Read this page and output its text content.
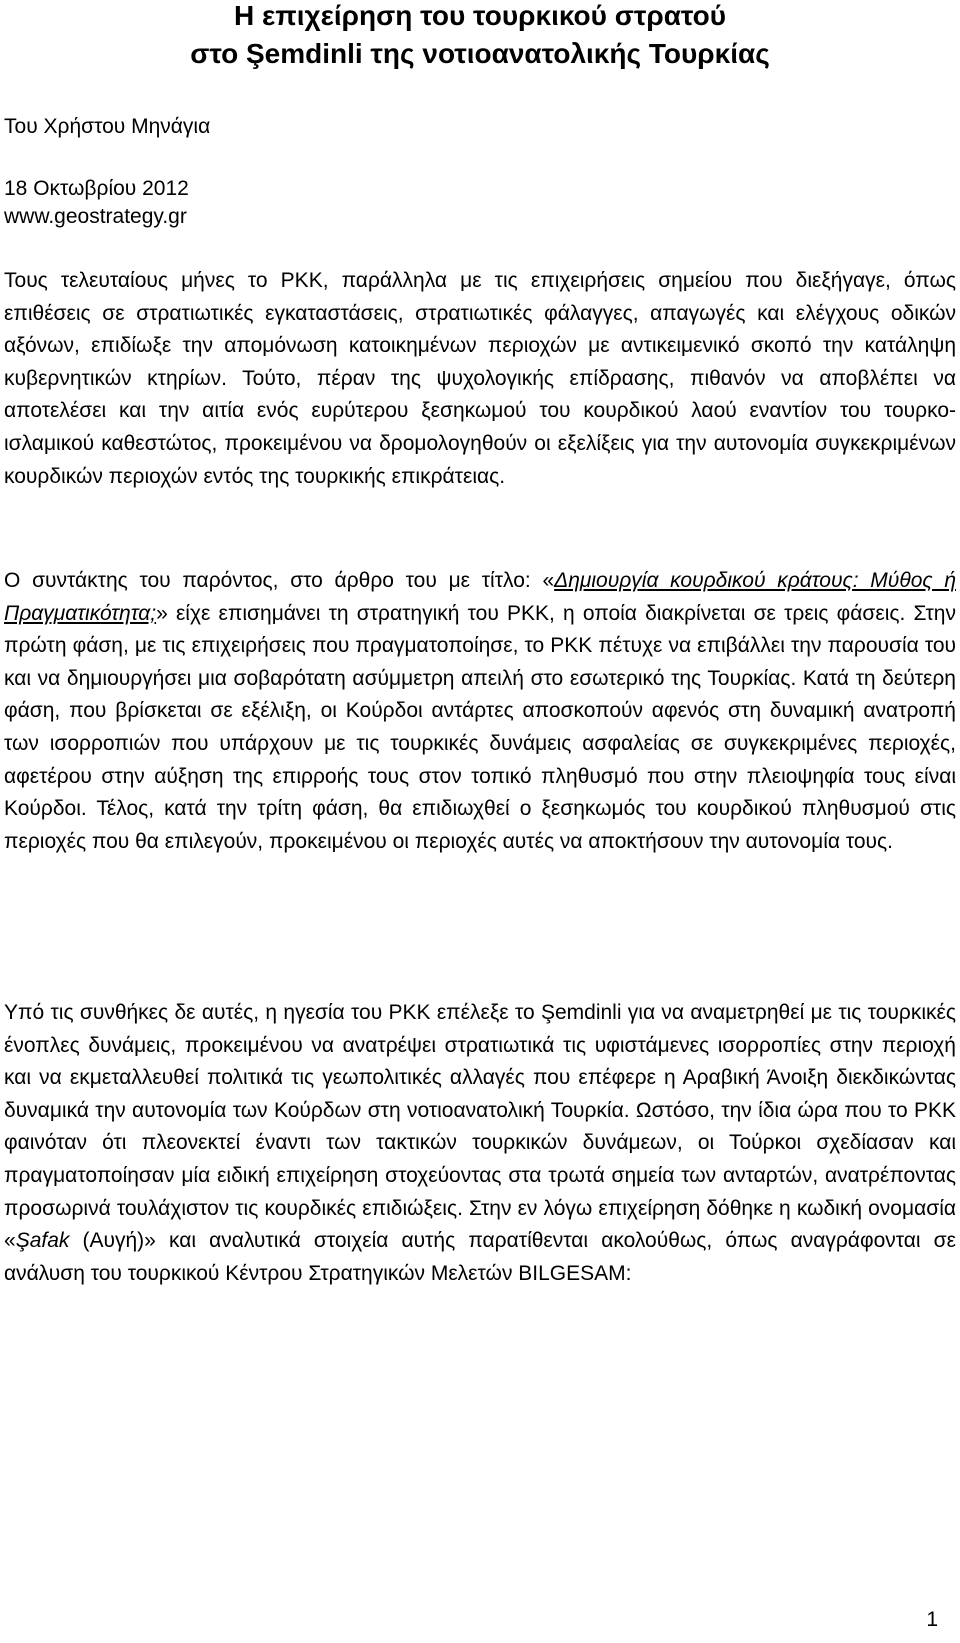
Η επιχείρηση του τουρκικού στρατού
στο Şemdinli της νοτιοανατολικής Τουρκίας

Του Χρήστου Μηνάγια

18 Οκτωβρίου 2012

www.geostrategy.gr

Τους τελευταίους μήνες το PKK, παράλληλα με τις επιχειρήσεις σημείου που διεξήγαγε, όπως επιθέσεις σε στρατιωτικές εγκαταστάσεις, στρατιωτικές φάλαγγες, απαγωγές και ελέγχους οδικών αξόνων, επιδίωξε την απομόνωση κατοικημένων περιοχών με αντικειμενικό σκοπό την κατάληψη κυβερνητικών κτηρίων. Τούτο, πέραν της ψυχολογικής επίδρασης, πιθανόν να αποβλέπει να αποτελέσει και την αιτία ενός ευρύτερου ξεσηκωμού του κουρδικού λαού εναντίον του τουρκο-ισλαμικού καθεστώτος, προκειμένου να δρομολογηθούν οι εξελίξεις για την αυτονομία συγκεκριμένων κουρδικών περιοχών εντός της τουρκικής επικράτειας.

Ο συντάκτης του παρόντος, στο άρθρο του με τίτλο: «Δημιουργία κουρδικού κράτους: Μύθος ή Πραγματικότητα;» είχε επισημάνει τη στρατηγική του PKK, η οποία διακρίνεται σε τρεις φάσεις. Στην πρώτη φάση, με τις επιχειρήσεις που πραγματοποίησε, το PKK πέτυχε να επιβάλλει την παρουσία του και να δημιουργήσει μια σοβαρότατη ασύμμετρη απειλή στο εσωτερικό της Τουρκίας. Κατά τη δεύτερη φάση, που βρίσκεται σε εξέλιξη, οι Κούρδοι αντάρτες αποσκοπούν αφενός στη δυναμική ανατροπή των ισορροπιών που υπάρχουν με τις τουρκικές δυνάμεις ασφαλείας σε συγκεκριμένες περιοχές, αφετέρου στην αύξηση της επιρροής τους στον τοπικό πληθυσμό που στην πλειοψηφία τους είναι Κούρδοι. Τέλος, κατά την τρίτη φάση, θα επιδιωχθεί ο ξεσηκωμός του κουρδικού πληθυσμού στις περιοχές που θα επιλεγούν, προκειμένου οι περιοχές αυτές να αποκτήσουν την αυτονομία τους.

Υπό τις συνθήκες δε αυτές, η ηγεσία του PKK επέλεξε το Şemdinli για να αναμετρηθεί με τις τουρκικές ένοπλες δυνάμεις, προκειμένου να ανατρέψει στρατιωτικά τις υφιστάμενες ισορροπίες στην περιοχή και να εκμεταλλευθεί πολιτικά τις γεωπολιτικές αλλαγές που επέφερε η Αραβική Άνοιξη διεκδικώντας δυναμικά την αυτονομία των Κούρδων στη νοτιοανατολική Τουρκία. Ωστόσο, την ίδια ώρα που το PKK φαινόταν ότι πλεονεκτεί έναντι των τακτικών τουρκικών δυνάμεων, οι Τούρκοι σχεδίασαν και πραγματοποίησαν μία ειδική επιχείρηση στοχεύοντας στα τρωτά σημεία των ανταρτών, ανατρέποντας προσωρινά τουλάχιστον τις κουρδικές επιδιώξεις. Στην εν λόγω επιχείρηση δόθηκε η κωδική ονομασία «Şafak (Αυγή)» και αναλυτικά στοιχεία αυτής παρατίθενται ακολούθως, όπως αναγράφονται σε ανάλυση του τουρκικού Κέντρου Στρατηγικών Μελετών BILGESAM:

1
